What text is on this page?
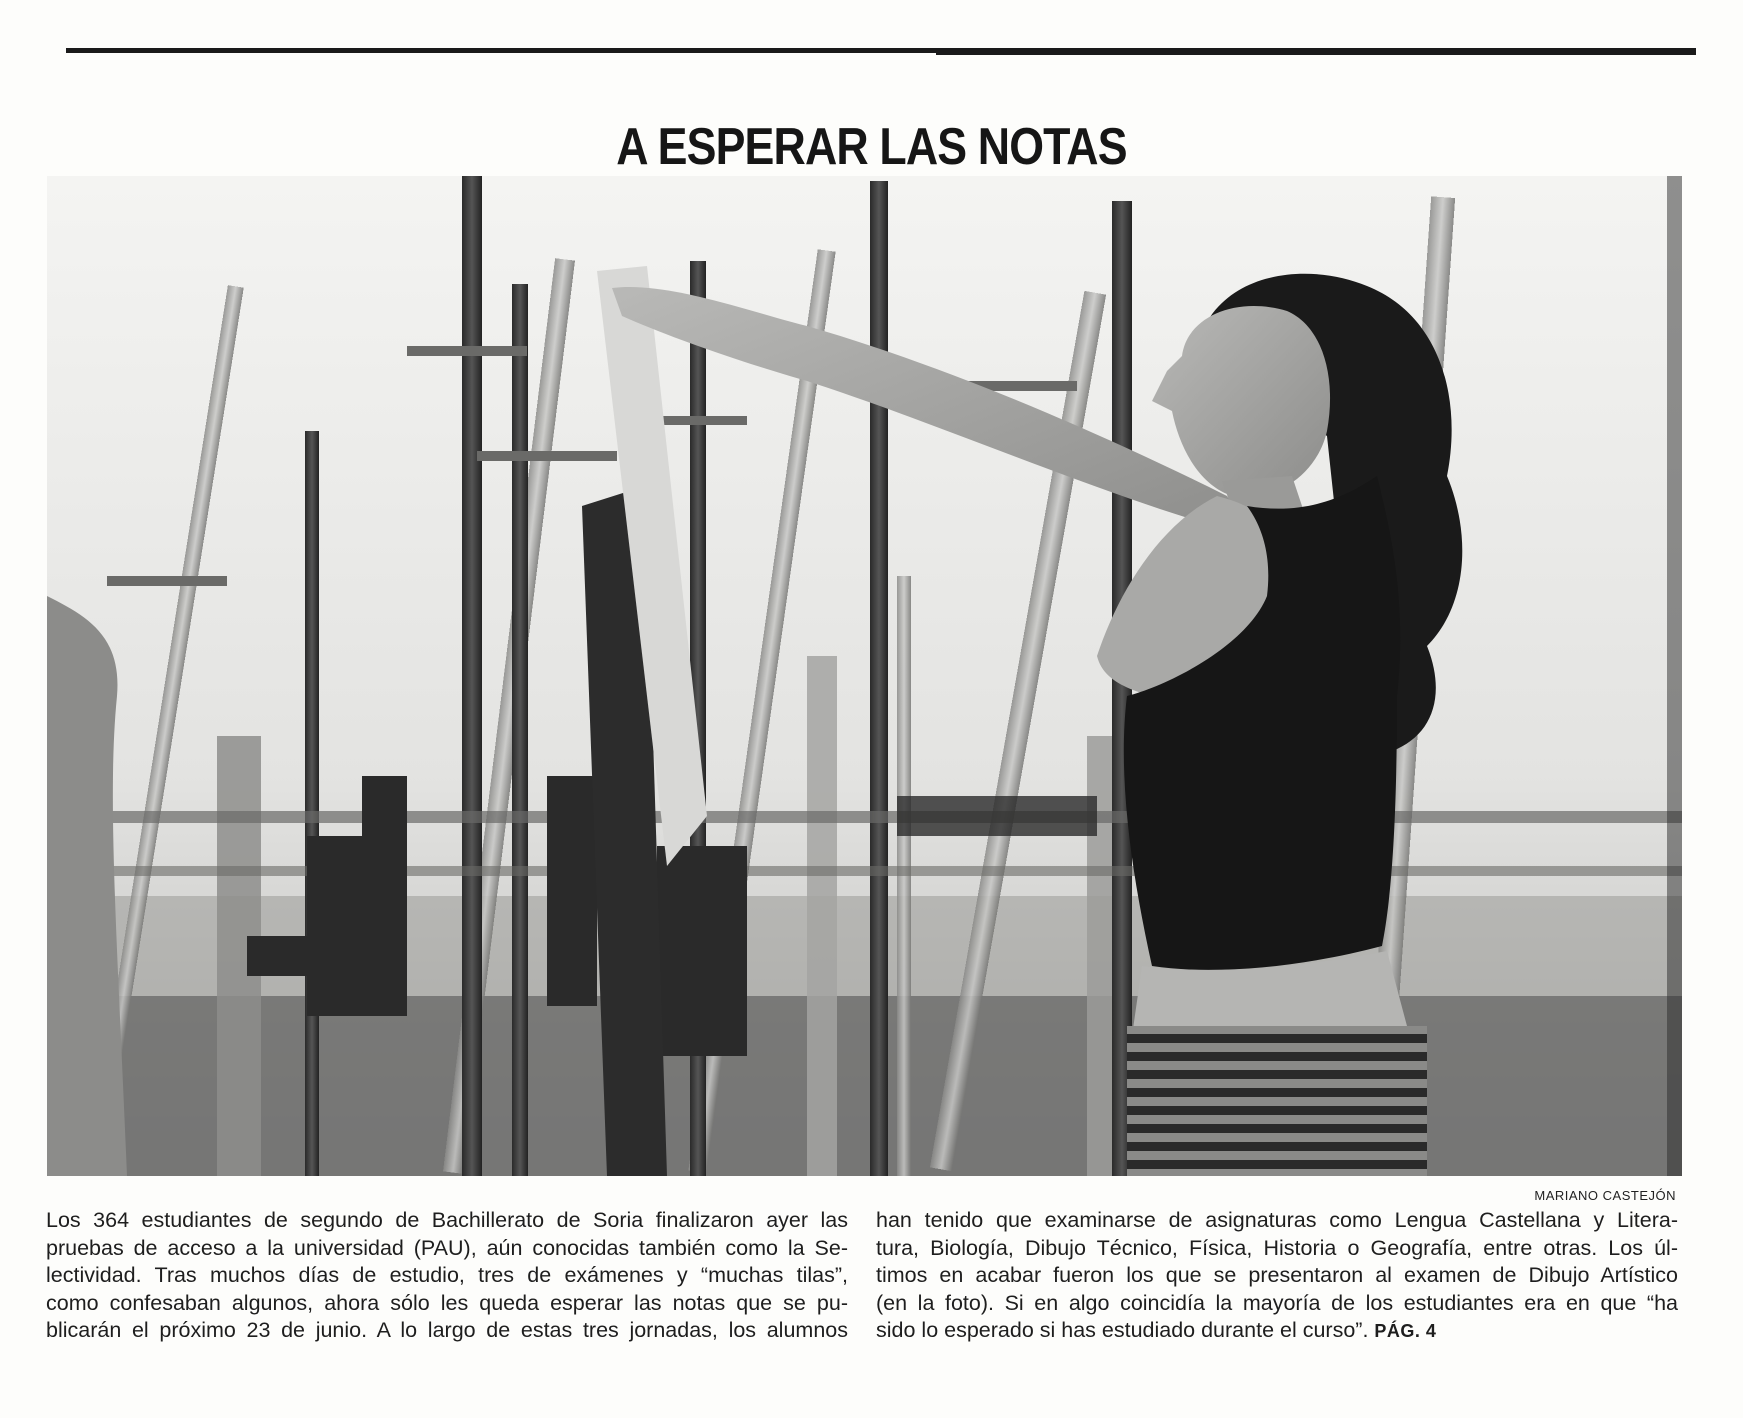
A ESPERAR LAS NOTAS
MARIANO CASTEJÓN
Los 364 estudiantes de segundo de Bachillerato de Soria finalizaron ayer las
pruebas de acceso a la universidad (PAU), aún conocidas también como la Se-
lectividad. Tras muchos días de estudio, tres de exámenes y “muchas tilas”,
como confesaban algunos, ahora sólo les queda esperar las notas que se pu-
blicarán el próximo 23 de junio. A lo largo de estas tres jornadas, los alumnos
han tenido que examinarse de asignaturas como Lengua Castellana y Litera-
tura, Biología, Dibujo Técnico, Física, Historia o Geografía, entre otras. Los úl-
timos en acabar fueron los que se presentaron al examen de Dibujo Artístico
(en la foto). Si en algo coincidía la mayoría de los estudiantes era en que “ha
sido lo esperado si has estudiado durante el curso”. PÁG. 4
